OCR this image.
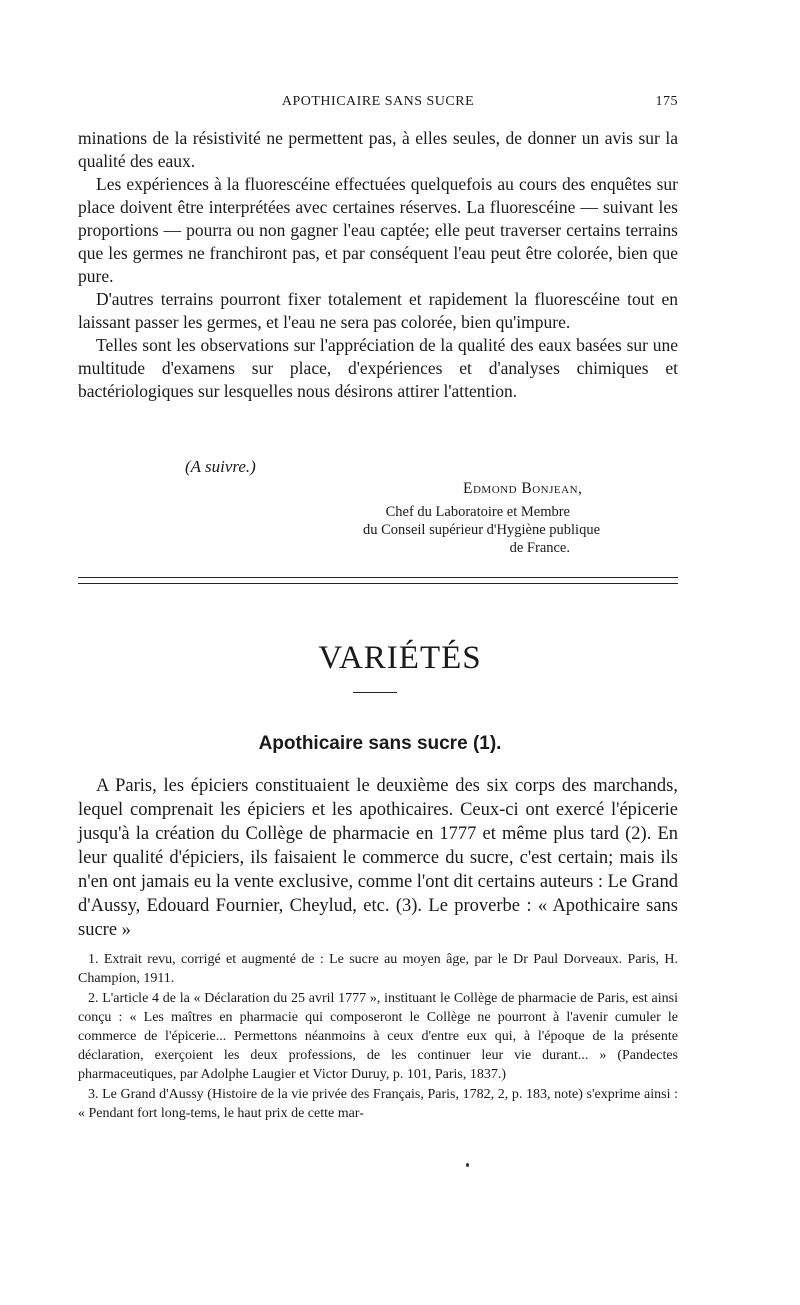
APOTHICAIRE SANS SUCRE	175

minations de la résistivité ne permettent pas, à elles seules, de donner un avis sur la qualité des eaux.

Les expériences à la fluorescéine effectuées quelquefois au cours des enquêtes sur place doivent être interprétées avec certaines réserves. La fluorescéine — suivant les proportions — pourra ou non gagner l'eau captée; elle peut traverser certains terrains que les germes ne franchiront pas, et par conséquent l'eau peut être colorée, bien que pure.

D'autres terrains pourront fixer totalement et rapidement la fluorescéine tout en laissant passer les germes, et l'eau ne sera pas colorée, bien qu'impure.

Telles sont les observations sur l'appréciation de la qualité des eaux basées sur une multitude d'examens sur place, d'expériences et d'analyses chimiques et bactériologiques sur lesquelles nous désirons attirer l'attention.

(A suivre.)
Edmond Bonjean,
Chef du Laboratoire et Membre
du Conseil supérieur d'Hygiène publique
de France.
VARIÉTÉS
Apothicaire sans sucre (1).

A Paris, les épiciers constituaient le deuxième des six corps des marchands, lequel comprenait les épiciers et les apothicaires. Ceux-ci ont exercé l'épicerie jusqu'à la création du Collège de pharmacie en 1777 et même plus tard (2). En leur qualité d'épiciers, ils faisaient le commerce du sucre, c'est certain; mais ils n'en ont jamais eu la vente exclusive, comme l'ont dit certains auteurs : Le Grand d'Aussy, Edouard Fournier, Cheylud, etc. (3). Le proverbe : « Apothicaire sans sucre »

1. Extrait revu, corrigé et augmenté de : Le sucre au moyen âge, par le Dr Paul Dorveaux. Paris, H. Champion, 1911.

2. L'article 4 de la « Déclaration du 25 avril 1777 », instituant le Collège de pharmacie de Paris, est ainsi conçu : « Les maîtres en pharmacie qui composeront le Collège ne pourront à l'avenir cumuler le commerce de l'épicerie... Permettons néanmoins à ceux d'entre eux qui, à l'époque de la présente déclaration, exerçoient les deux professions, de les continuer leur vie durant... » (Pandectes pharmaceutiques, par Adolphe Laugier et Victor Duruy, p. 101, Paris, 1837.)

3. Le Grand d'Aussy (Histoire de la vie privée des Français, Paris, 1782, 2, p. 183, note) s'exprime ainsi : « Pendant fort long-tems, le haut prix de cette mar-
